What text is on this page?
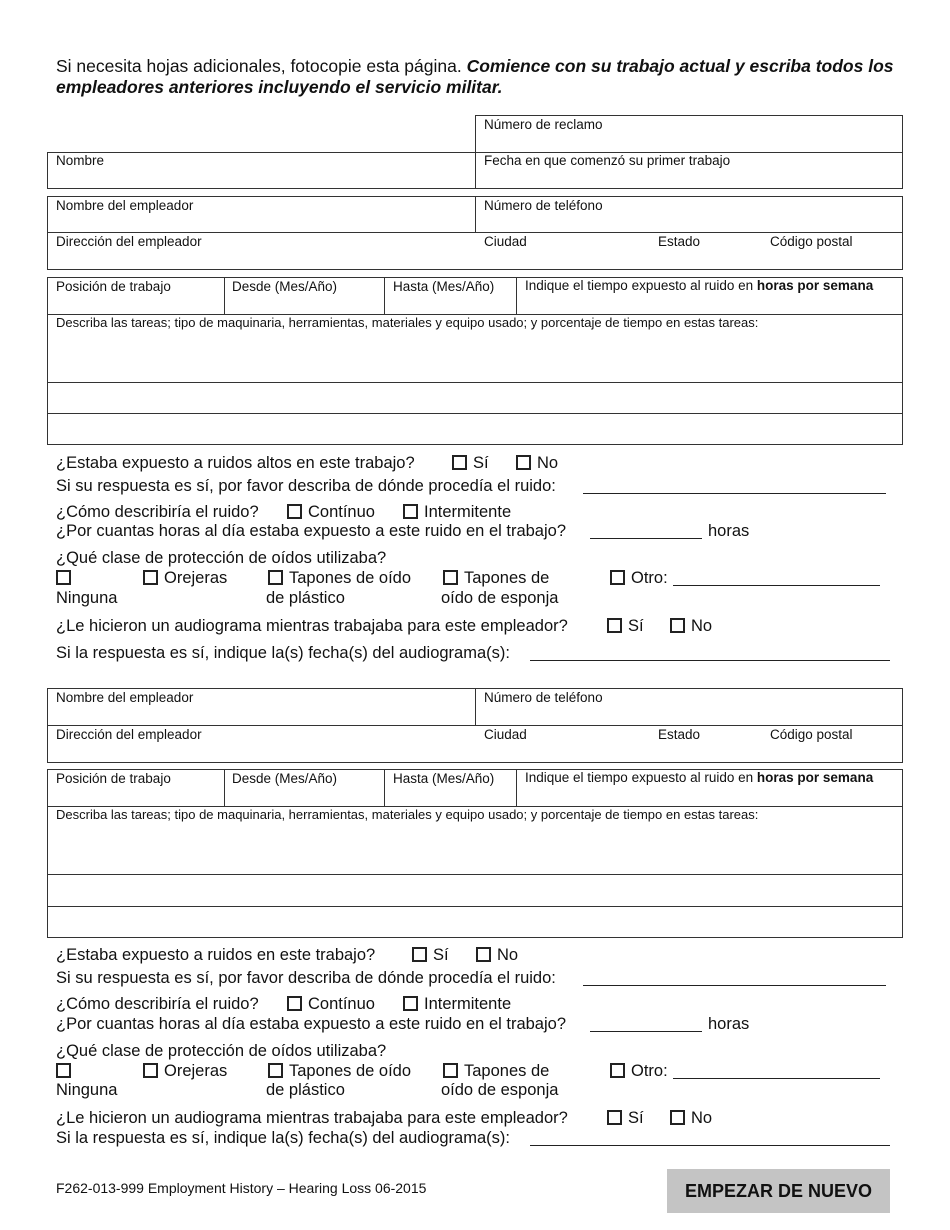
Si necesita hojas adicionales, fotocopie esta página. Comience con su trabajo actual y escriba todos los empleadores anteriores incluyendo el servicio militar.
Número de reclamo
Nombre	Fecha en que comenzó su primer trabajo
Nombre del empleador	Número de teléfono
Dirección del empleador	Ciudad	Estado	Código postal
Posición de trabajo	Desde (Mes/Año)	Hasta (Mes/Año) Indique el tiempo expuesto al ruido en horas por semana
Describa las tareas; tipo de maquinaria, herramientas, materiales y equipo usado; y porcentaje de tiempo en estas tareas:
¿Estaba expuesto a ruidos altos en este trabajo?	Sí	No
Si su respuesta es sí, por favor describa de dónde procedía el ruido:
¿Cómo describiría el ruido?	Contínuo	Intermitente
¿Por cuantas horas al día estaba expuesto a este ruido en el trabajo?	horas
¿Qué clase de protección de oídos utilizaba?
Ninguna
Orejeras	Tapones de oído
de plástico
Tapones de
oído de esponja
Otro:
¿Le hicieron un audiograma mientras trabajaba para este empleador?	Sí	No
Si la respuesta es sí, indique la(s) fecha(s) del audiograma(s):
Nombre del empleador	Número de teléfono
Dirección del empleador	Ciudad	Estado	Código postal
Posición de trabajo	Desde (Mes/Año)	Hasta (Mes/Año) Indique el tiempo expuesto al ruido en horas por semana
Describa las tareas; tipo de maquinaria, herramientas, materiales y equipo usado; y porcentaje de tiempo en estas tareas:
¿Estaba expuesto a ruidos en este trabajo?	Sí	No
Si su respuesta es sí, por favor describa de dónde procedía el ruido:
¿Cómo describiría el ruido?	Contínuo	Intermitente
¿Por cuantas horas al día estaba expuesto a este ruido en el trabajo?	horas
¿Qué clase de protección de oídos utilizaba?
Ninguna
Orejeras	Tapones de oído
de plástico
Tapones de
oído de esponja
Otro:
¿Le hicieron un audiograma mientras trabajaba para este empleador?	Sí	No
Si la respuesta es sí, indique la(s) fecha(s) del audiograma(s):
F262-013-999 Employment History – Hearing Loss 06-2015	EMPEZAR DE NUEVO
